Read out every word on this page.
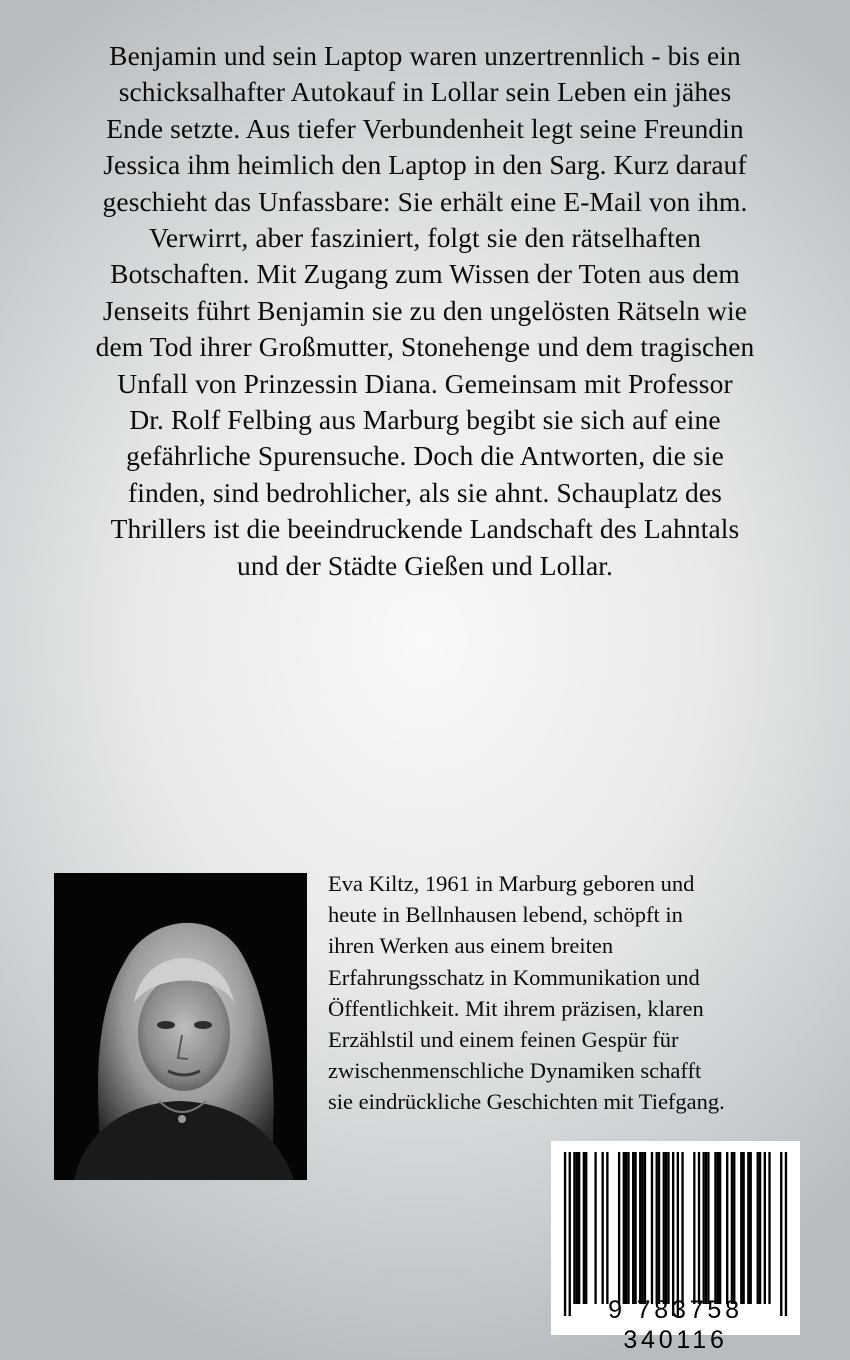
Benjamin und sein Laptop waren unzertrennlich - bis ein
schicksalhafter Autokauf in Lollar sein Leben ein jähes
Ende setzte. Aus tiefer Verbundenheit legt seine Freundin
Jessica ihm heimlich den Laptop in den Sarg. Kurz darauf
geschieht das Unfassbare: Sie erhält eine E-Mail von ihm.
Verwirrt, aber fasziniert, folgt sie den rätselhaften
Botschaften. Mit Zugang zum Wissen der Toten aus dem
Jenseits führt Benjamin sie zu den ungelösten Rätseln wie
dem Tod ihrer Großmutter, Stonehenge und dem tragischen
Unfall von Prinzessin Diana. Gemeinsam mit Professor
Dr. Rolf Felbing aus Marburg begibt sie sich auf eine
gefährliche Spurensuche. Doch die Antworten, die sie
finden, sind bedrohlicher, als sie ahnt. Schauplatz des
Thrillers ist die beeindruckende Landschaft des Lahntals
und der Städte Gießen und Lollar.

Eva Kiltz, 1961 in Marburg geboren und
heute in Bellnhausen lebend, schöpft in
ihren Werken aus einem breiten
Erfahrungsschatz in Kommunikation und
Öffentlichkeit. Mit ihrem präzisen, klaren
Erzählstil und einem feinen Gespür für
zwischenmenschliche Dynamiken schafft
sie eindrückliche Geschichten mit Tiefgang.

9 783758 340116
